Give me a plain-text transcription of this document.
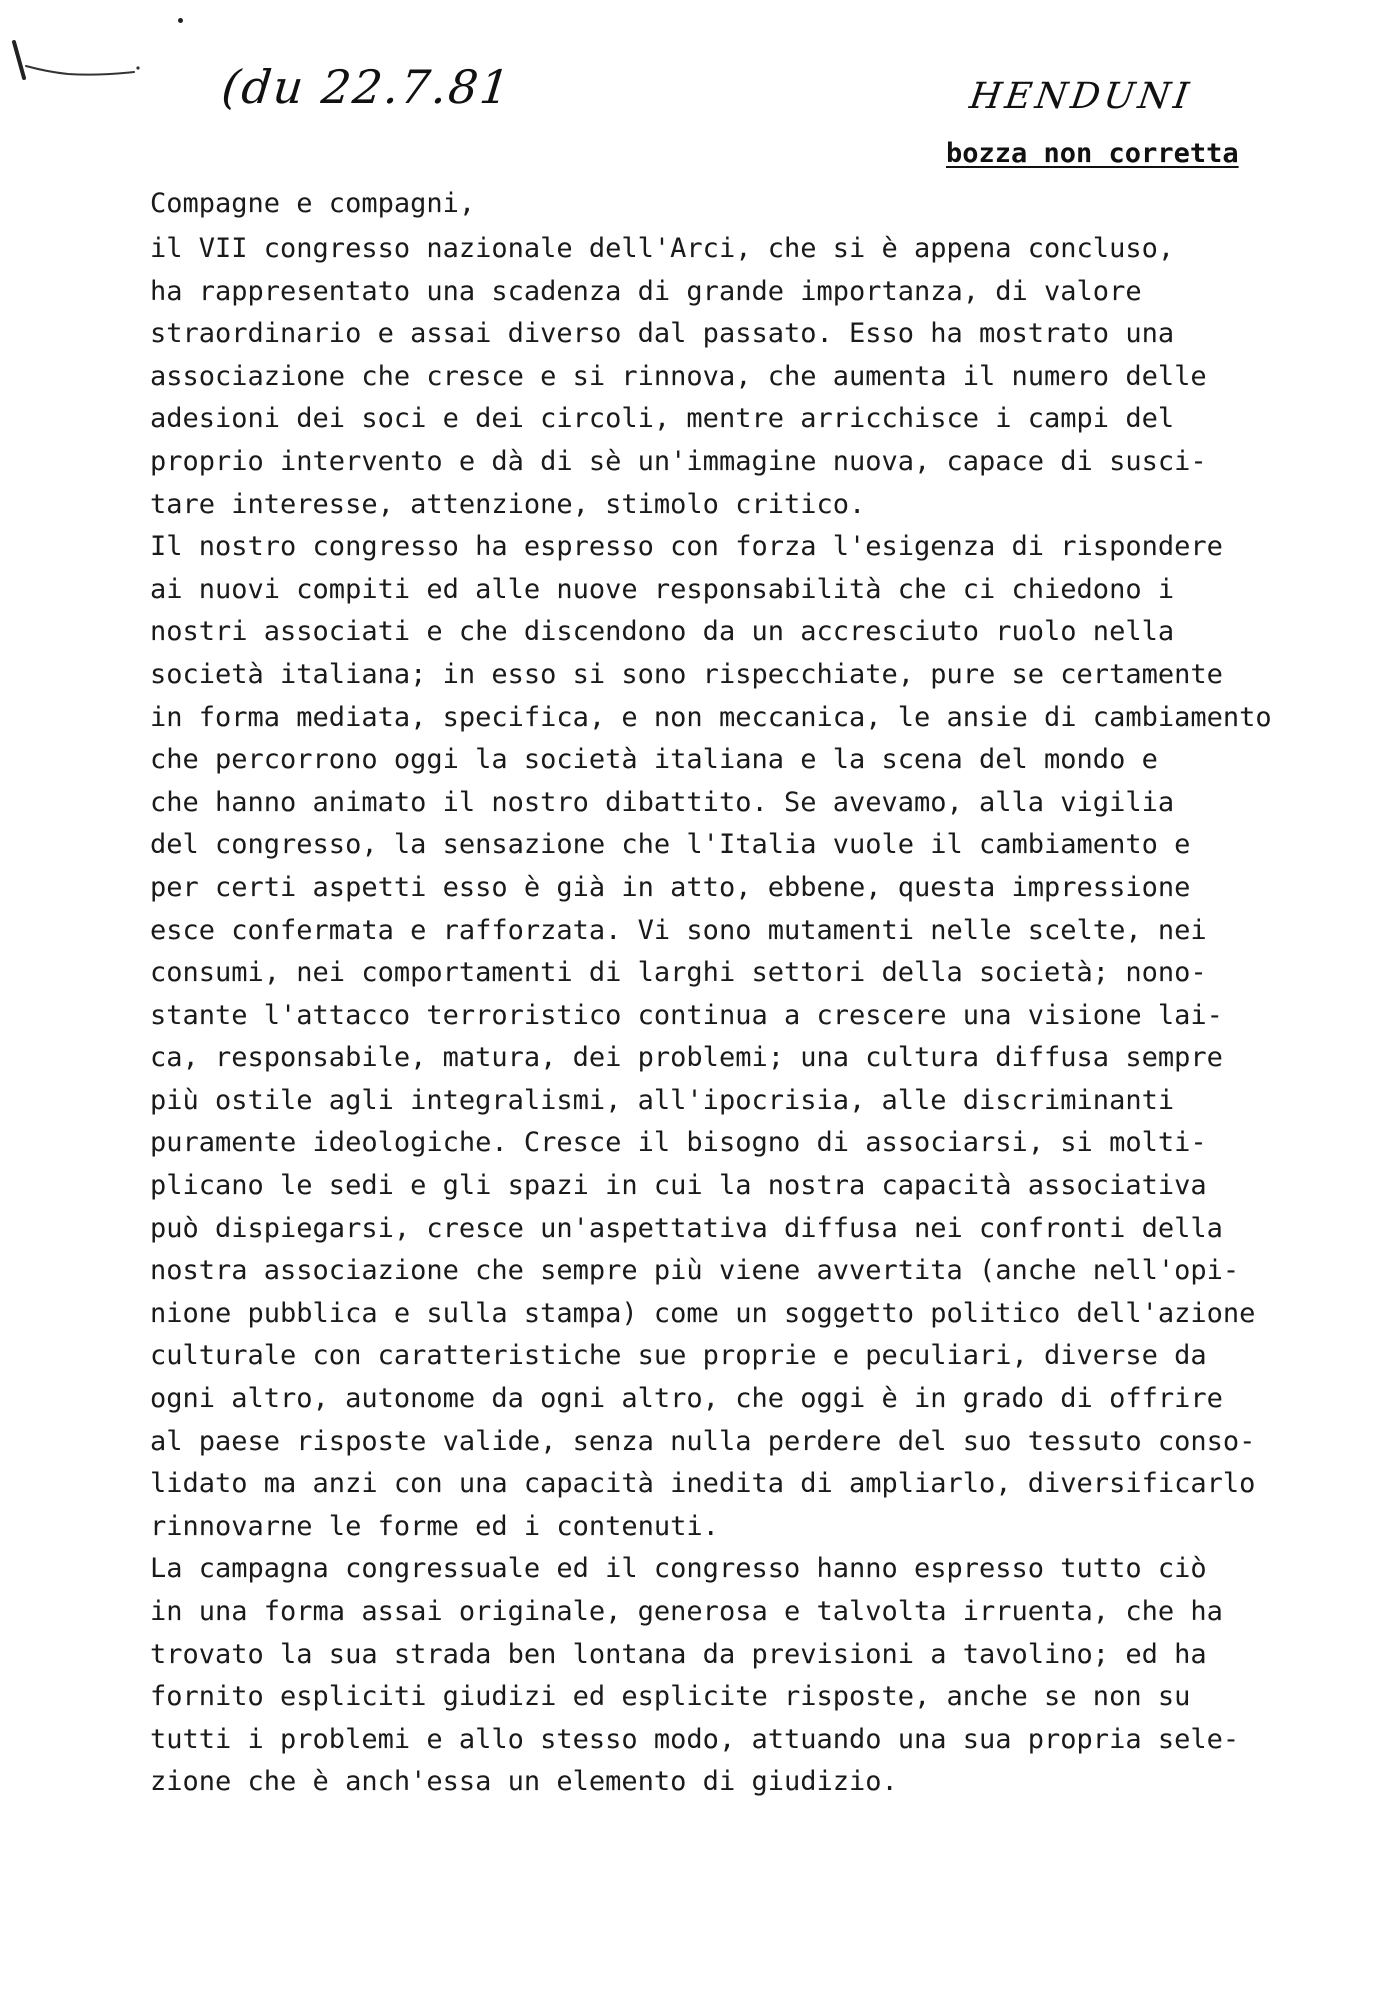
(du 22.7.81	HENDUNI
bozza non corretta

Compagne e compagni,

il VII congresso nazionale dell'Arci, che si è appena concluso,
ha rappresentato una scadenza di grande importanza, di valore
straordinario e assai diverso dal passato. Esso ha mostrato una
associazione che cresce e si rinnova, che aumenta il numero delle
adesioni dei soci e dei circoli, mentre arricchisce i campi del
proprio intervento e dà di sè un'immagine nuova, capace di susci-
tare interesse, attenzione, stimolo critico.
Il nostro congresso ha espresso con forza l'esigenza di rispondere
ai nuovi compiti ed alle nuove responsabilità che ci chiedono i
nostri associati e che discendono da un accresciuto ruolo nella
società italiana; in esso si sono rispecchiate, pure se certamente
in forma mediata, specifica, e non meccanica, le ansie di cambiamento
che percorrono oggi la società italiana e la scena del mondo e
che hanno animato il nostro dibattito. Se avevamo, alla vigilia
del congresso, la sensazione che l'Italia vuole il cambiamento e
per certi aspetti esso è già in atto, ebbene, questa impressione
esce confermata e rafforzata. Vi sono mutamenti nelle scelte, nei
consumi, nei comportamenti di larghi settori della società; nono-
stante l'attacco terroristico continua a crescere una visione lai-
ca, responsabile, matura, dei problemi; una cultura diffusa sempre
più ostile agli integralismi, all'ipocrisia, alle discriminanti
puramente ideologiche. Cresce il bisogno di associarsi, si molti-
plicano le sedi e gli spazi in cui la nostra capacità associativa
può dispiegarsi, cresce un'aspettativa diffusa nei confronti della
nostra associazione che sempre più viene avvertita (anche nell'opi-
nione pubblica e sulla stampa) come un soggetto politico dell'azione
culturale con caratteristiche sue proprie e peculiari, diverse da
ogni altro, autonome da ogni altro, che oggi è in grado di offrire
al paese risposte valide, senza nulla perdere del suo tessuto conso-
lidato ma anzi con una capacità inedita di ampliarlo, diversificarlo
rinnovarne le forme ed i contenuti.
La campagna congressuale ed il congresso hanno espresso tutto ciò
in una forma assai originale, generosa e talvolta irruenta, che ha
trovato la sua strada ben lontana da previsioni a tavolino; ed ha
fornito espliciti giudizi ed esplicite risposte, anche se non su
tutti i problemi e allo stesso modo, attuando una sua propria sele-
zione che è anch'essa un elemento di giudizio.
